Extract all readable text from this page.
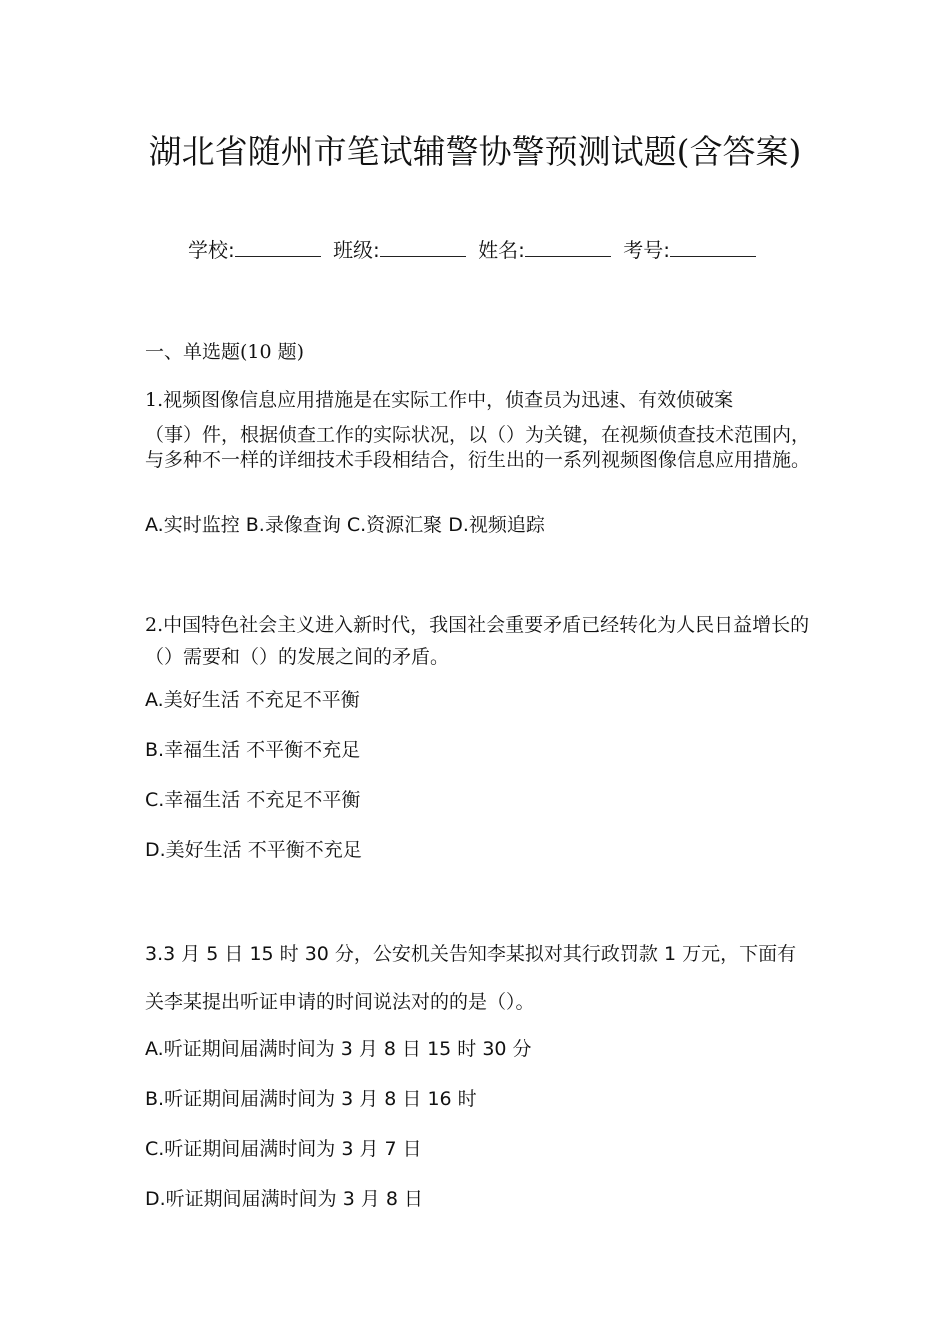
湖北省随州市笔试辅警协警预测试题(含答案)
学校:	班级:	姓名:	考号:
一、单选题(10 题)
1.视频图像信息应用措施是在实际工作中，侦查员为迅速、有效侦破案
（事）件，根据侦查工作的实际状况，以（）为关键，在视频侦查技术范围内，与多种不一样的详细技术手段相结合，衍生出的一系列视频图像信息应用措施。
A.实时监控 B.录像查询 C.资源汇聚 D.视频追踪
2.中国特色社会主义进入新时代，我国社会重要矛盾已经转化为人民日益增长的（）需要和（）的发展之间的矛盾。
A.美好生活 不充足不平衡
B.幸福生活 不平衡不充足
C.幸福生活 不充足不平衡
D.美好生活 不平衡不充足
3.3 月 5 日 15 时 30 分，公安机关告知李某拟对其行政罚款 1 万元，下面有关李某提出听证申请的时间说法对的的是（）。
A.听证期间届满时间为 3 月 8 日 15 时 30 分
B.听证期间届满时间为 3 月 8 日 16 时
C.听证期间届满时间为 3 月 7 日
D.听证期间届满时间为 3 月 8 日
